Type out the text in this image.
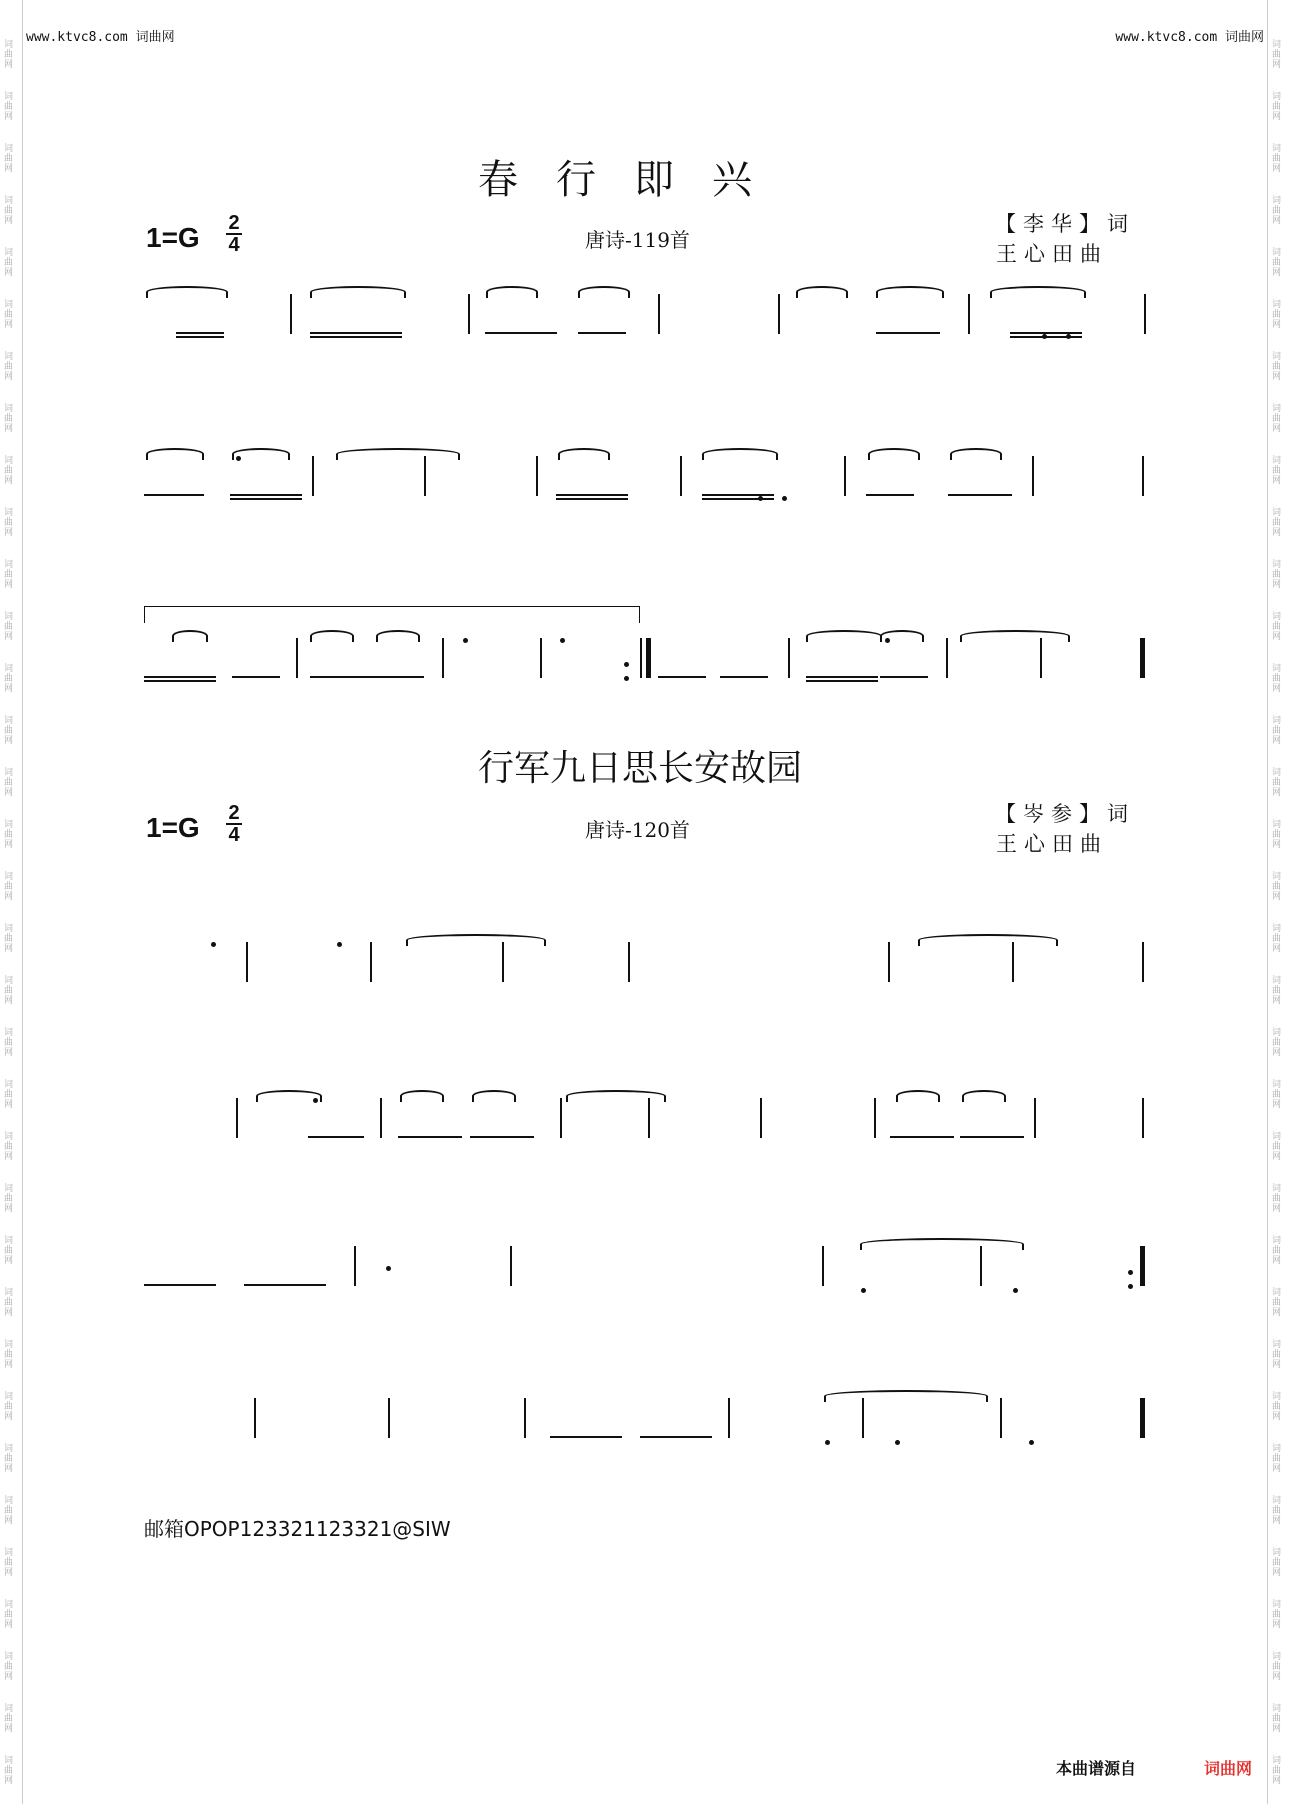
词曲网
词曲网
词曲网
词曲网
词曲网
词曲网
词曲网
词曲网
词曲网
词曲网
词曲网
词曲网
词曲网
词曲网
词曲网
词曲网
词曲网
词曲网
词曲网
词曲网
词曲网
词曲网
词曲网
词曲网
词曲网
词曲网
词曲网
词曲网
词曲网
词曲网
词曲网
词曲网
词曲网
词曲网
词曲网
词曲网
词曲网
词曲网
词曲网
词曲网
词曲网
词曲网
词曲网
词曲网
词曲网
词曲网
词曲网
词曲网
词曲网
词曲网
词曲网
词曲网
词曲网
词曲网
词曲网
词曲网
词曲网
词曲网
词曲网
词曲网
词曲网
词曲网
词曲网
词曲网
词曲网
词曲网
词曲网
词曲网
www.ktvc8.com 词曲网	www.ktvc8.com 词曲网
春行即兴
1=G 2
4	唐诗-119首
【李华】词
王心田曲
行军九日思长安故园
1=G 2
4	唐诗-120首
【岑参】词
王心田曲
邮箱OPOP123321123321@SIW
本曲谱源自	词曲网
